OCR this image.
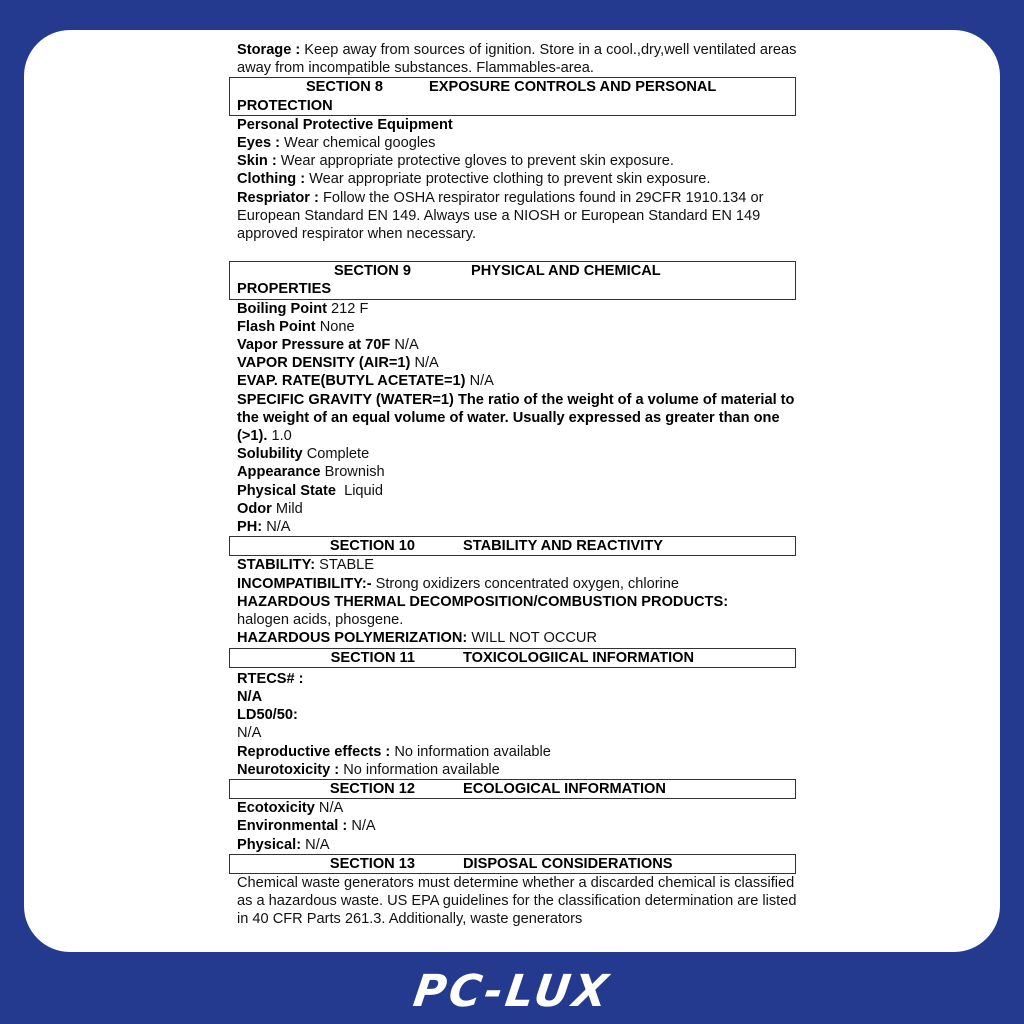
Storage : Keep away from sources of ignition. Store in a cool.,dry,well ventilated areas away from incompatible substances. Flammables-area.

SECTION 8	EXPOSURE CONTROLS AND PERSONAL
PROTECTION

Personal Protective Equipment

Eyes : Wear chemical googles

Skin : Wear appropriate protective gloves to prevent skin exposure.

Clothing : Wear appropriate protective clothing to prevent skin exposure.

Respriator : Follow the OSHA respirator regulations found in 29CFR 1910.134 or European Standard EN 149. Always use a NIOSH or European Standard EN 149 approved respirator when necessary.

SECTION 9	PHYSICAL AND CHEMICAL
PROPERTIES

Boiling Point 212 F

Flash Point None

Vapor Pressure at 70F N/A

VAPOR DENSITY (AIR=1) N/A

EVAP. RATE(BUTYL ACETATE=1) N/A

SPECIFIC GRAVITY (WATER=1) The ratio of the weight of a volume of material to the weight of an equal volume of water. Usually expressed as greater than one (>1). 1.0

Solubility Complete

Appearance Brownish

Physical State  Liquid

Odor Mild

PH: N/A

SECTION 10	STABILITY AND REACTIVITY

STABILITY: STABLE

INCOMPATIBILITY:- Strong oxidizers concentrated oxygen, chlorine

HAZARDOUS THERMAL DECOMPOSITION/COMBUSTION PRODUCTS:

halogen acids, phosgene.

HAZARDOUS POLYMERIZATION: WILL NOT OCCUR

SECTION 11	TOXICOLOGIICAL INFORMATION

RTECS# :

N/A

LD50/50:

N/A

Reproductive effects : No information available

Neurotoxicity : No information available

SECTION 12	ECOLOGICAL INFORMATION

Ecotoxicity N/A

Environmental : N/A

Physical: N/A

SECTION 13	DISPOSAL CONSIDERATIONS

Chemical waste generators must determine whether a discarded chemical is classified as a hazardous waste. US EPA guidelines for the classification determination are listed in 40 CFR Parts 261.3. Additionally, waste generators

PC-LUX
